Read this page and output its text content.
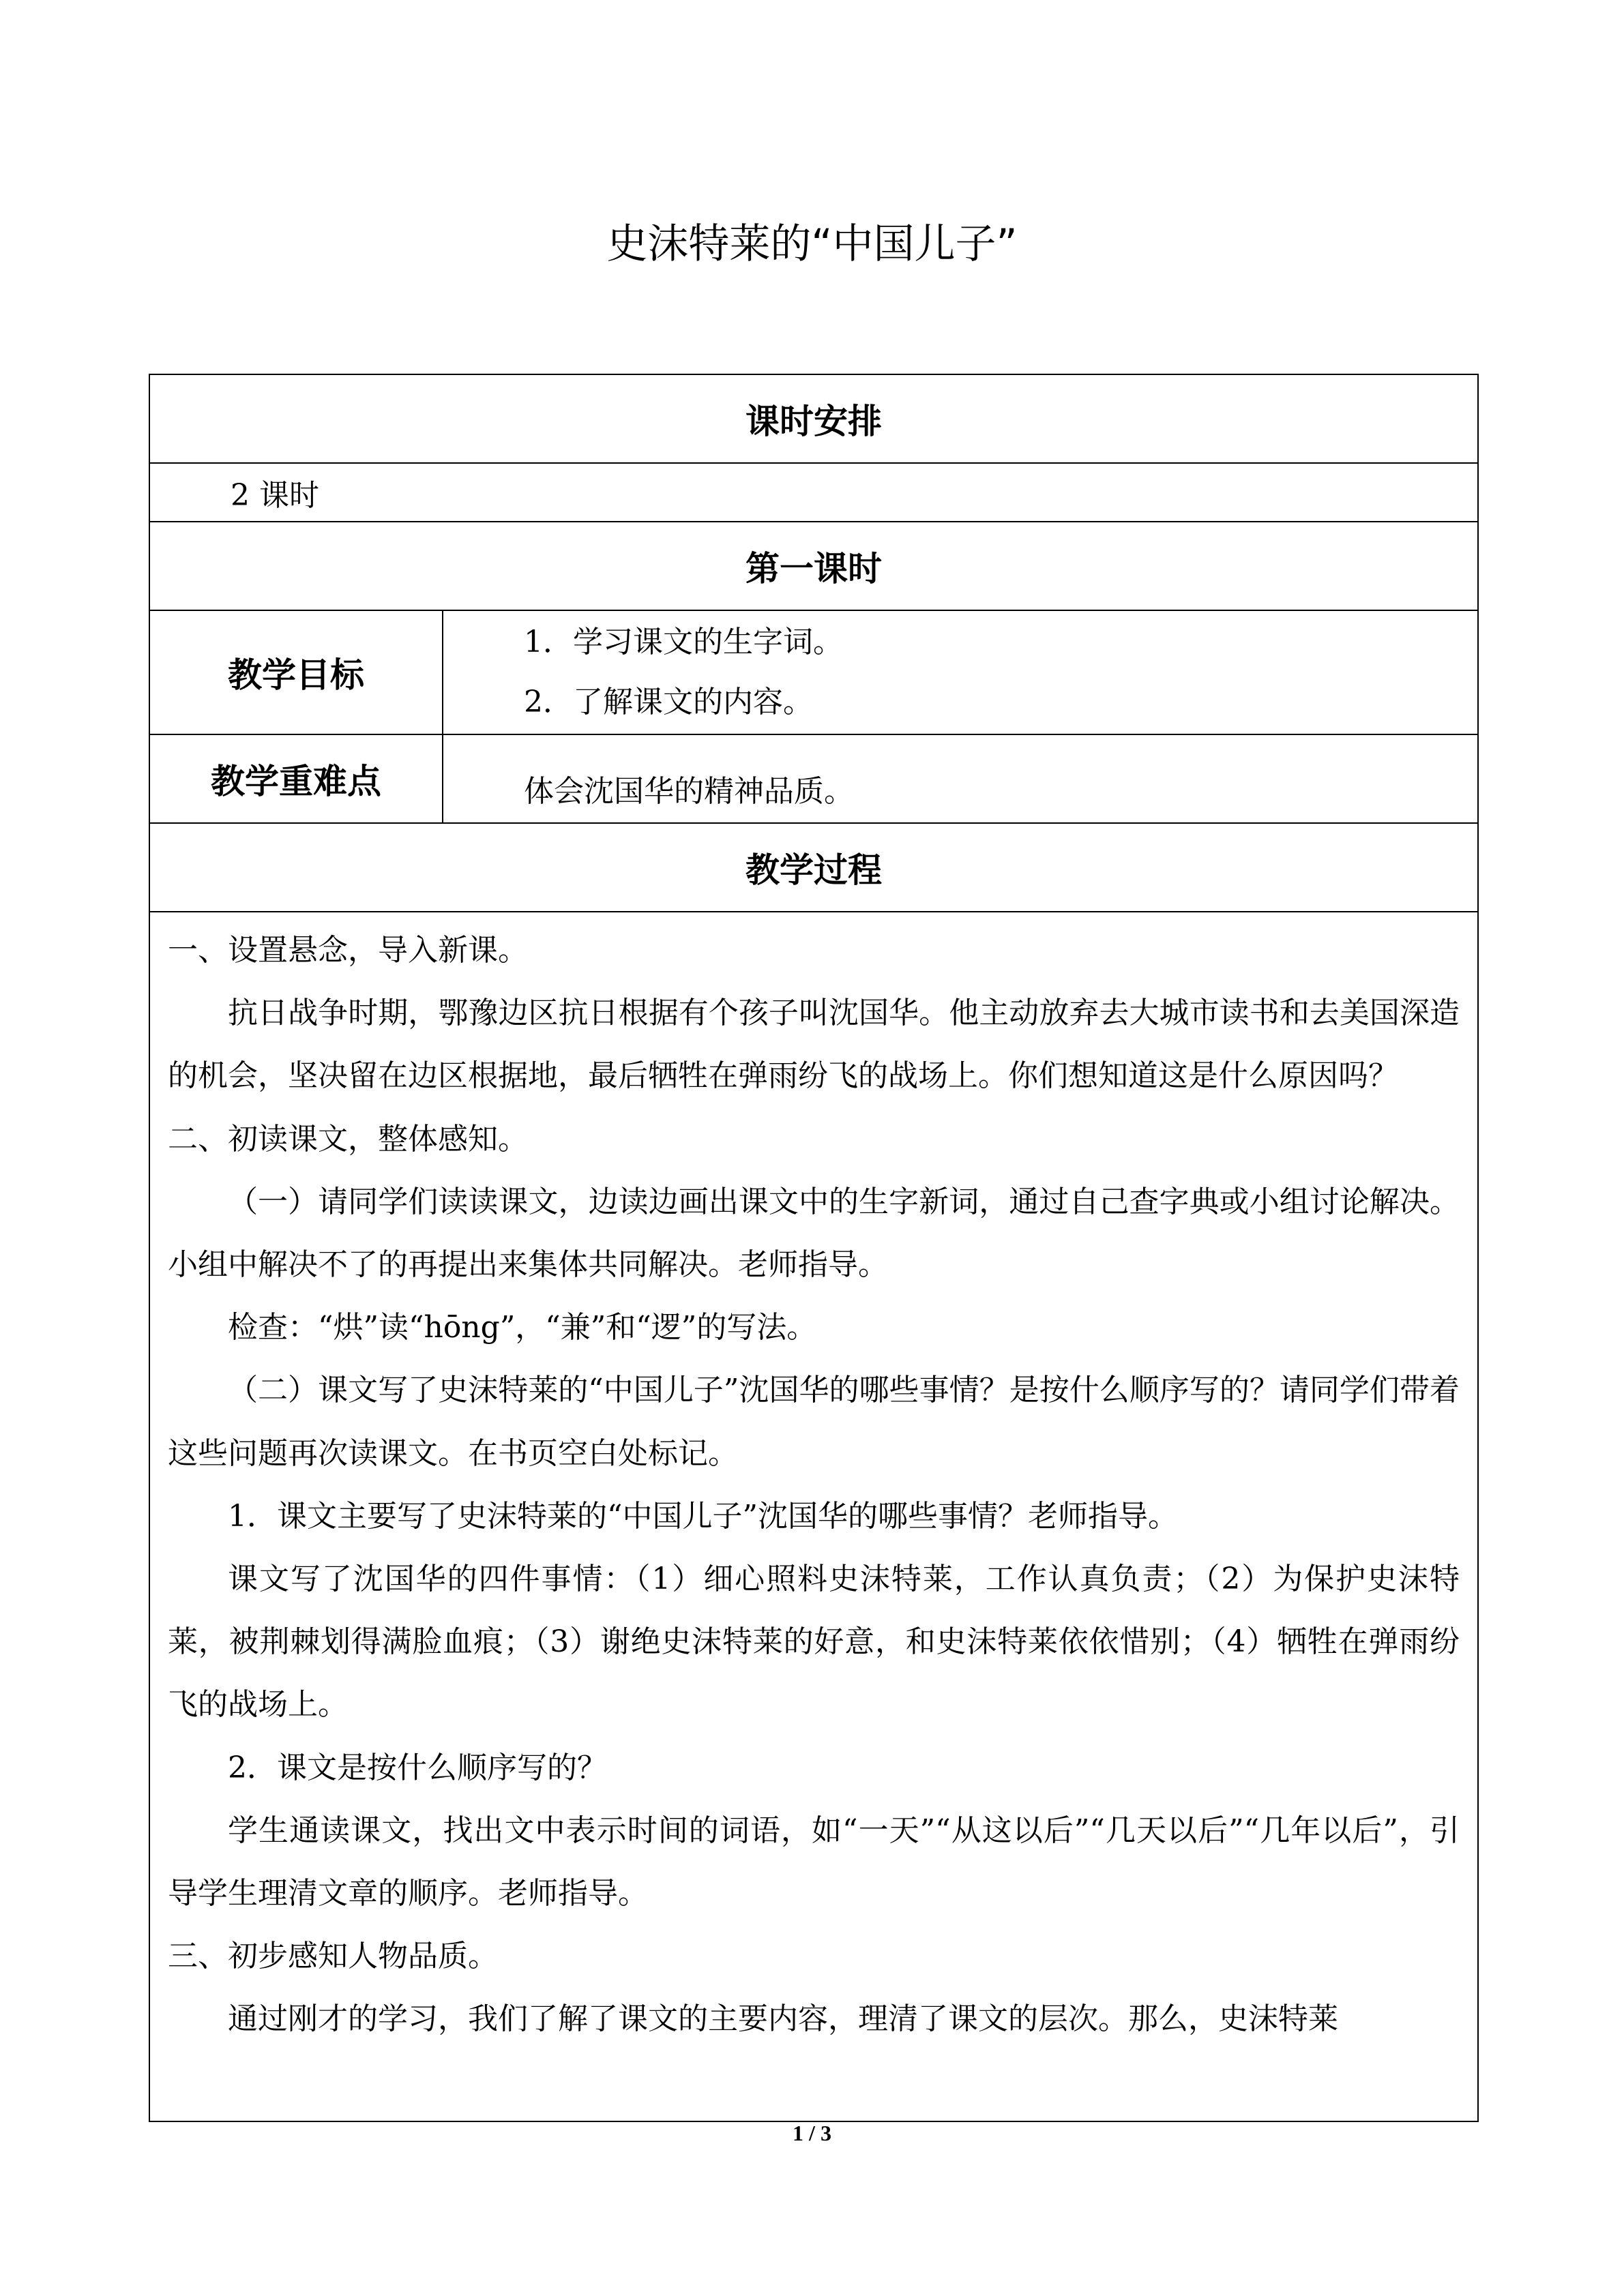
史沫特莱的“中国儿子”
课时安排
2 课时
第一课时
教学目标
1．学习课文的生字词。
2．了解课文的内容。
教学重难点	体会沈国华的精神品质。
教学过程

一、设置悬念，导入新课。

抗日战争时期，鄂豫边区抗日根据有个孩子叫沈国华。他主动放弃去大城市读书和去美国深造的机会，坚决留在边区根据地，最后牺牲在弹雨纷飞的战场上。你们想知道这是什么原因吗？

二、初读课文，整体感知。

（一）请同学们读读课文，边读边画出课文中的生字新词，通过自己查字典或小组讨论解决。小组中解决不了的再提出来集体共同解决。老师指导。

检查：“烘”读“hōng”，“兼”和“逻”的写法。

（二）课文写了史沫特莱的“中国儿子”沈国华的哪些事情？是按什么顺序写的？请同学们带着这些问题再次读课文。在书页空白处标记。

1．课文主要写了史沫特莱的“中国儿子”沈国华的哪些事情？老师指导。

课文写了沈国华的四件事情：（1）细心照料史沫特莱，工作认真负责；（2）为保护史沫特莱，被荆棘划得满脸血痕；（3）谢绝史沫特莱的好意，和史沫特莱依依惜别；（4）牺牲在弹雨纷飞的战场上。

2．课文是按什么顺序写的？

学生通读课文，找出文中表示时间的词语，如“一天”“从这以后”“几天以后”“几年以后”，引导学生理清文章的顺序。老师指导。

三、初步感知人物品质。

通过刚才的学习，我们了解了课文的主要内容，理清了课文的层次。那么，史沫特莱

1 / 3
